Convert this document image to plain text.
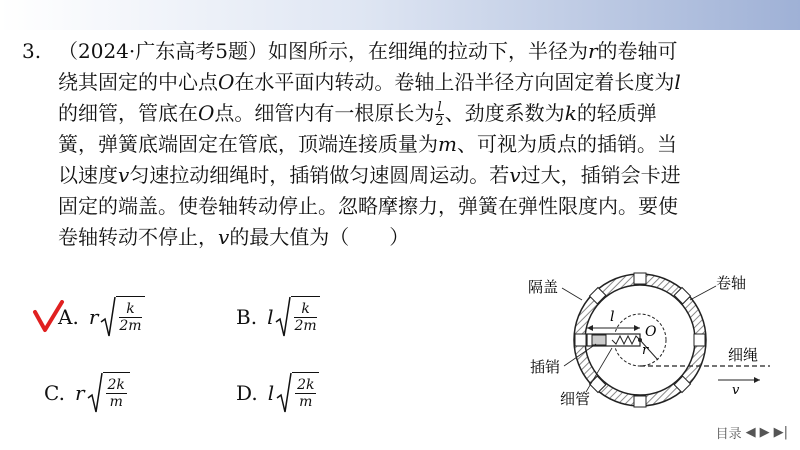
3. （2024·广东高考5题）如图所示，在细绳的拉动下，半径为r的卷轴可
绕其固定的中心点O在水平面内转动。卷轴上沿半径方向固定着长度为l
的细管，管底在O点。细管内有一根原长为 $\frac{l}{2}$ 、劲度系数为k的轻质弹
簧，弹簧底端固定在管底，顶端连接质量为m、可视为质点的插销。当
以速度v匀速拉动细绳时，插销做匀速圆周运动。若v过大，插销会卡进
固定的端盖。使卷轴转动停止。忽略摩擦力，弹簧在弹性限度内。要使
卷轴转动不停止，v的最大值为（　　）
A. r	k
2m	B. l	k
2m
C. r 2k
m	D. l 2k
m
l
O
r
v
隔盖	卷轴
细绳
插销
细管
目录 ◀ ▶ ▶|
